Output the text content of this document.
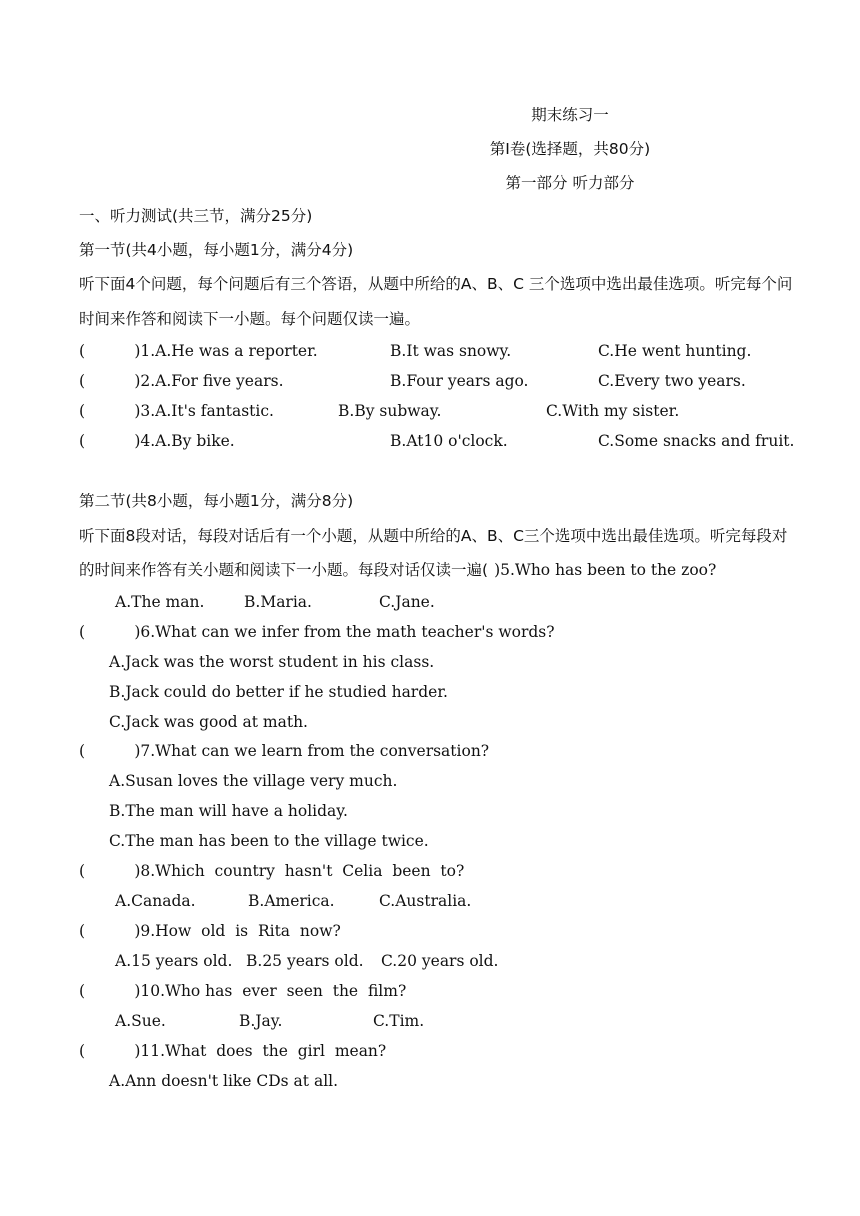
期末练习一
第Ⅰ卷(选择题，共80分)
第一部分 听力部分
一、听力测试(共三节，满分25分)
第一节(共4小题，每小题1分，满分4分)
听下面4个问题，每个问题后有三个答语，从题中所给的A、B、C 三个选项中选出最佳选项。听完每个问
时间来作答和阅读下一小题。每个问题仅读一遍。
(          )1.A.He was a reporter.	B.It was snowy.	C.He went hunting.
(          )2.A.For five years.	B.Four years ago.	C.Every two years.
(          )3.A.It's fantastic.	B.By subway.	C.With my sister.
(          )4.A.By bike.	B.At10 o'clock.	C.Some snacks and fruit.
第二节(共8小题，每小题1分，满分8分)
听下面8段对话，每段对话后有一个小题，从题中所给的A、B、C三个选项中选出最佳选项。听完每段对
的时间来作答有关小题和阅读下一小题。每段对话仅读一遍( )5.Who has been to the zoo?
A.The man.	B.Maria.	C.Jane.
(          )6.What can we infer from the math teacher's words?
A.Jack was the worst student in his class.
B.Jack could do better if he studied harder.
C.Jack was good at math.
(          )7.What can we learn from the conversation?
A.Susan loves the village very much.
B.The man will have a holiday.
C.The man has been to the village twice.
(          )8.Which  country  hasn't  Celia  been  to?
A.Canada.	B.America.	C.Australia.
(          )9.How  old  is  Rita  now?
A.15 years old. B.25 years old. C.20 years old.
(          )10.Who has  ever  seen  the  film?
A.Sue.	B.Jay.	C.Tim.
(          )11.What  does  the  girl  mean?
A.Ann doesn't like CDs at all.
